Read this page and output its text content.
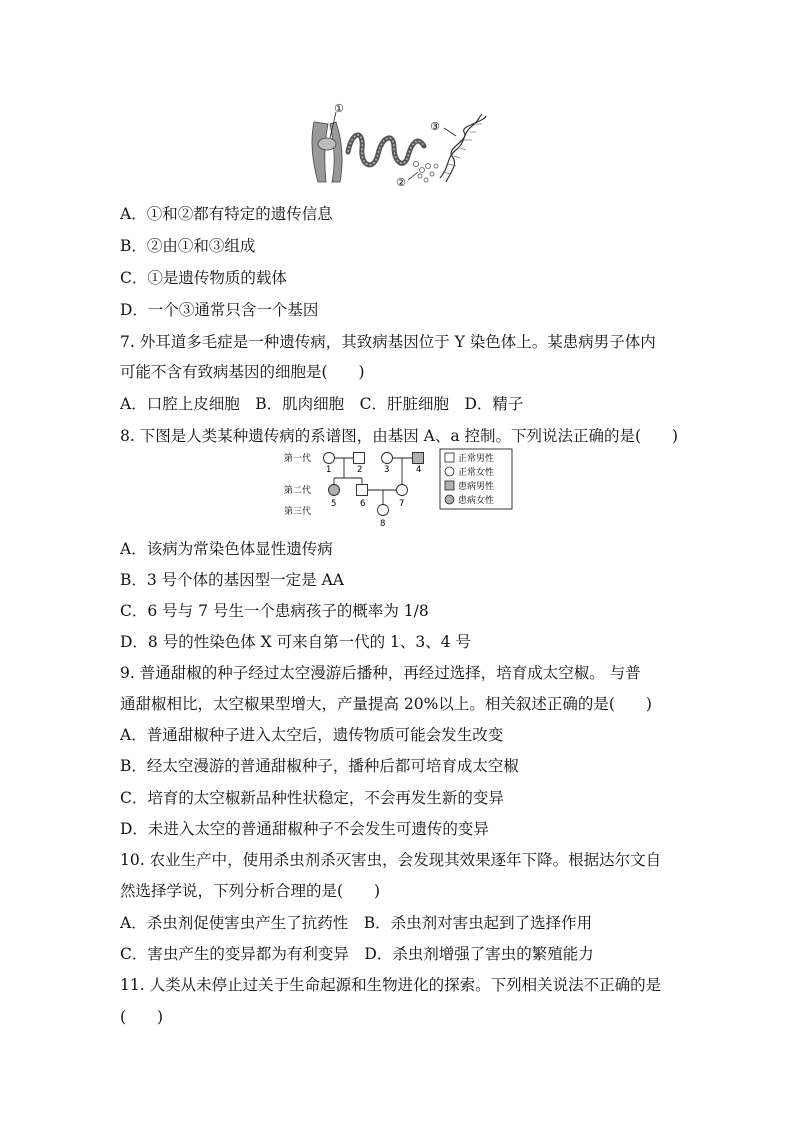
①
②
③
A．①和②都有特定的遗传信息
B．②由①和③组成
C．①是遗传物质的载体
D．一个③通常只含一个基因
7. 外耳道多毛症是一种遗传病，其致病基因位于 Y 染色体上。某患病男子体内
可能不含有致病基因的细胞是(　　)
A．口腔上皮细胞　B．肌肉细胞　C．肝脏细胞　D．精子
8. 下图是人类某种遗传病的系谱图，由基因 A、a 控制。下列说法正确的是(　　)
第一代
第二代
第三代
1	2	3	4
5	6	7
8
正常男性
正常女性
患病男性
患病女性
A．该病为常染色体显性遗传病
B．3 号个体的基因型一定是 AA
C．6 号与 7 号生一个患病孩子的概率为 1/8
D．8 号的性染色体 X 可来自第一代的 1、3、4 号
9. 普通甜椒的种子经过太空漫游后播种，再经过选择，培育成太空椒。 与普
通甜椒相比，太空椒果型增大，产量提高 20%以上。相关叙述正确的是(　　)
A．普通甜椒种子进入太空后，遗传物质可能会发生改变
B．经太空漫游的普通甜椒种子，播种后都可培育成太空椒
C．培育的太空椒新品种性状稳定，不会再发生新的变异
D．未进入太空的普通甜椒种子不会发生可遗传的变异
10. 农业生产中，使用杀虫剂杀灭害虫，会发现其效果逐年下降。根据达尔文自
然选择学说，下列分析合理的是(　　)
A．杀虫剂促使害虫产生了抗药性　B．杀虫剂对害虫起到了选择作用
C．害虫产生的变异都为有利变异　D．杀虫剂增强了害虫的繁殖能力
11. 人类从未停止过关于生命起源和生物进化的探索。下列相关说法不正确的是
(　　)
